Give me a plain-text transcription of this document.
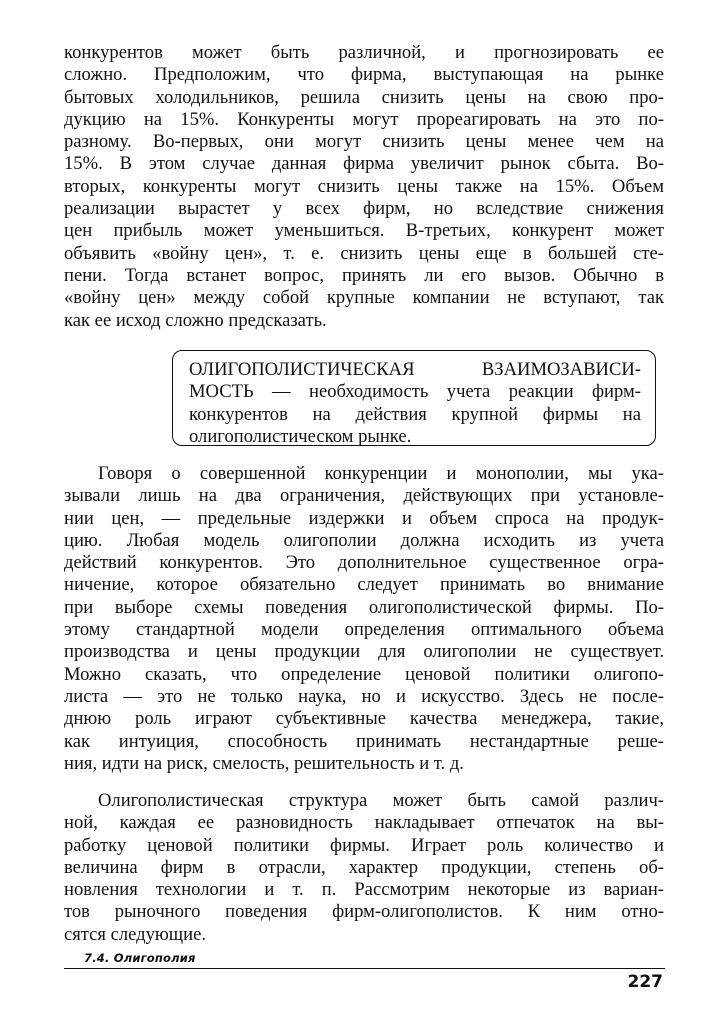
конкурентов может быть различной, и прогнозировать ее
сложно. Предположим, что фирма, выступающая на рынке
бытовых холодильников, решила снизить цены на свою про-
дукцию на 15%. Конкуренты могут прореагировать на это по-
разному. Во-первых, они могут снизить цены менее чем на
15%. В этом случае данная фирма увеличит рынок сбыта. Во-
вторых, конкуренты могут снизить цены также на 15%. Объем
реализации вырастет у всех фирм, но вследствие снижения
цен прибыль может уменьшиться. В-третьих, конкурент может
объявить «войну цен», т. е. снизить цены еще в большей сте-
пени. Тогда встанет вопрос, принять ли его вызов. Обычно в
«войну цен» между собой крупные компании не вступают, так
как ее исход сложно предсказать.
ОЛИГОПОЛИСТИЧЕСКАЯ ВЗАИМОЗАВИСИ-
МОСТЬ — необходимость учета реакции фирм-
конкурентов на действия крупной фирмы на
олигополистическом рынке.
Говоря о совершенной конкуренции и монополии, мы ука-
зывали лишь на два ограничения, действующих при установле-
нии цен, — предельные издержки и объем спроса на продук-
цию. Любая модель олигополии должна исходить из учета
действий конкурентов. Это дополнительное существенное огра-
ничение, которое обязательно следует принимать во внимание
при выборе схемы поведения олигополистической фирмы. По-
этому стандартной модели определения оптимального объема
производства и цены продукции для олигополии не существует.
Можно сказать, что определение ценовой политики олигопо-
листа — это не только наука, но и искусство. Здесь не после-
днюю роль играют субъективные качества менеджера, такие,
как интуиция, способность принимать нестандартные реше-
ния, идти на риск, смелость, решительность и т. д.
Олигополистическая структура может быть самой различ-
ной, каждая ее разновидность накладывает отпечаток на вы-
работку ценовой политики фирмы. Играет роль количество и
величина фирм в отрасли, характер продукции, степень об-
новления технологии и т. п. Рассмотрим некоторые из вариан-
тов рыночного поведения фирм-олигополистов. К ним отно-
сятся следующие.
7.4. Олигополия
227
